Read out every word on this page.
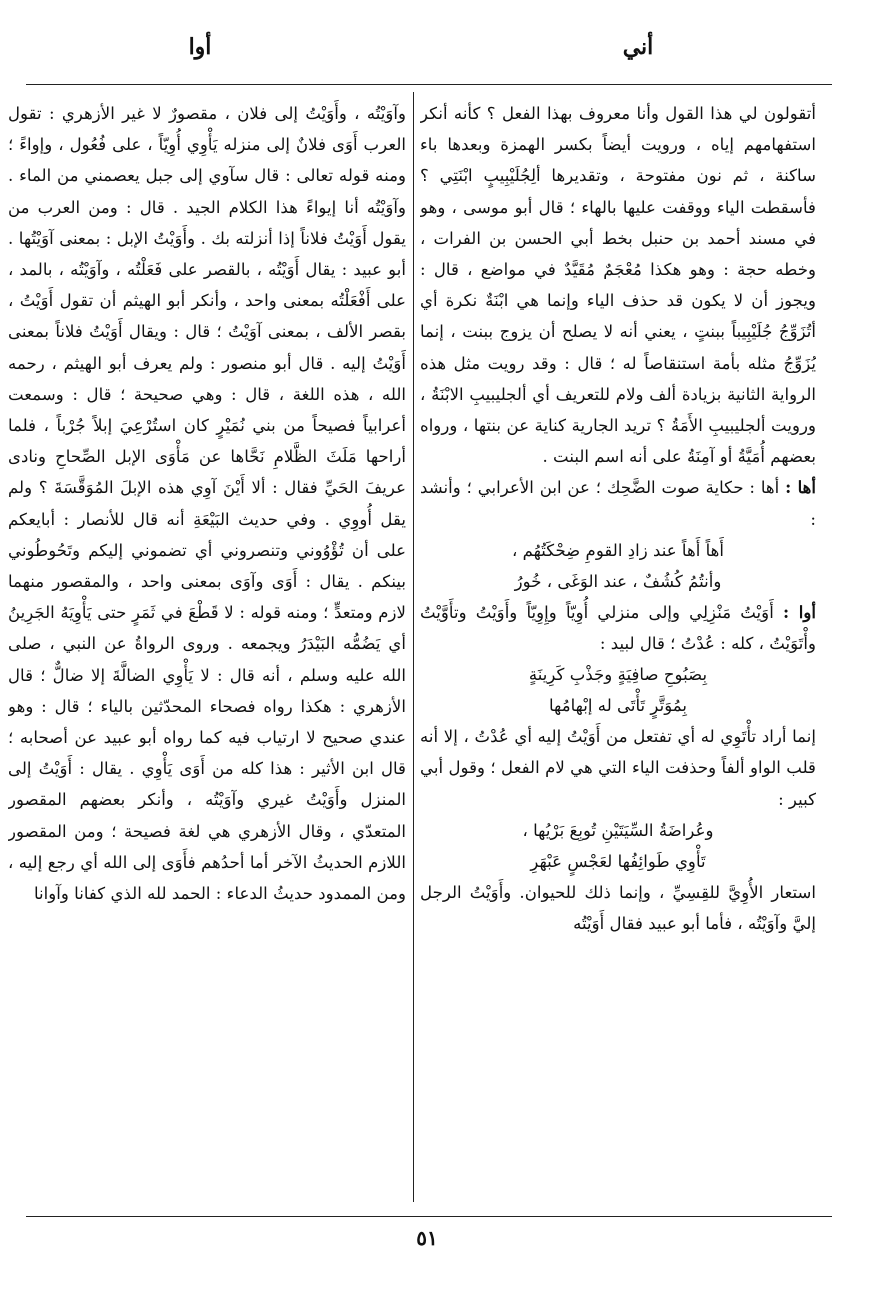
أني
أوا

أتقولون لي هذا القول وأنا معروف بهذا الفعل ؟ كأنه أنكر استفهامهم إياه ، ورويت أيضاً بكسر الهمزة وبعدها باء ساكنة ، ثم نون مفتوحة ، وتقديرها ألِجُلَيْبِيبٍ ابْنَتِي ؟ فأسقطت الياء ووقفت عليها بالهاء ؛ قال أبو موسى ، وهو في مسند أحمد بن حنبل بخط أبي الحسن بن الفرات ، وخطه حجة : وهو هكذا مُعْجَمٌ مُقَيَّدٌ في مواضع ، قال : ويجوز أن لا يكون قد حذف الياء وإنما هي ابْنَةٌ نكرة أي أتُزَوِّجُ جُلَيْبِيباً ببنتٍ ، يعني أنه لا يصلح أن يزوج ببنت ، إنما يُزَوِّجُ مثله بأمة استنقاصاً له ؛ قال : وقد رويت مثل هذه الرواية الثانية بزيادة ألف ولام للتعريف أي ألجليبيبِ الابْنَةُ ، ورويت ألجليبيبِ الأَمَةُ ؟ تريد الجارية كناية عن بنتها ، ورواه بعضهم أُمَيَّةُ أو آمِنَةُ على أنه اسم البنت .

أها : أها : حكاية صوت الضَّحِك ؛ عن ابن الأعرابي ؛ وأنشد :

أَهاً أَهاً عند زادِ القومِ ضِحْكَتُهُم ،
وأنتُمُ كُشُفٌ ، عند الوَغَى ، خُورُ

أوا : أَوَيْتُ مَنْزِلِي وإلى منزلي أُوِيّاً وإِوِيّاً وأَوَيْتُ وتأَوَّيْتُ وأْتَوَيْتُ ، كله : عُدْتُ ؛ قال لبيد :

بِصَبُوحِ صافِيَةٍ وجَذْبِ كَرِينَةٍ
بِمُوَتَّرٍ تَأْتَى له إبْهامُها

إنما أراد تأْتَوِي له أي تفتعل من أَوَيْتُ إليه أي عُدْتُ ، إلا أنه قلب الواو ألفاً وحذفت الياء التي هي لام الفعل ؛ وقول أبي كبير :

وعُراضَةُ السِّيَتَيْنِ تُوبِعَ بَرْيُها ،
تَأْوِي طَوائِفُها لعَجْسٍ عَبْهَرِ

استعار الأُوِيَّ للقِسِيِّ ، وإنما ذلك للحيوان. وأَوَيْتُ الرجل إليَّ وآوَيْتُه ، فأما أبو عبيد فقال أَوَيْتُه

وآوَيْتُه ، وأَوَيْتُ إلى فلان ، مقصورٌ لا غير الأزهري : تقول العرب أَوَى فلانٌ إلى منزله يَأْوِي أُوِيّاً ، على فُعُول ، وإواءً ؛ ومنه قوله تعالى : قال سآوي إلى جبل يعصمني من الماء . وآوَيْتُه أنا إيواءً هذا الكلام الجيد . قال : ومن العرب من يقول أَوَيْتُ فلاناً إذا أنزلته بك . وأَوَيْتُ الإبل : بمعنى آوَيْتُها . أبو عبيد : يقال أَوَيْتُه ، بالقصر على فَعَلْتُه ، وآوَيْتُه ، بالمد ، على أَفْعَلْتُه بمعنى واحد ، وأنكر أبو الهيثم أن تقول أَوَيْتُ ، بقصر الألف ، بمعنى آوَيْتُ ؛ قال : ويقال أَوَيْتُ فلاناً بمعنى أَوَيْتُ إليه . قال أبو منصور : ولم يعرف أبو الهيثم ، رحمه الله ، هذه اللغة ، قال : وهي صحيحة ؛ قال : وسمعت أعرابياً فصيحاً من بني نُمَيْرٍ كان استُرْعِيَ إبلاً جُرْباً ، فلما أراحها مَلَثَ الظَّلامِ نَحَّاها عن مَأْوَى الإبل الصِّحاحِ ونادى عريفَ الحَيِّ فقال : ألا أَيْنَ آوِي هذه الإبلَ المُوَقَّسَةَ ؟ ولم يقل أُووِي . وفي حديث البَيْعَةِ أنه قال للأنصار : أبايعكم على أن تُؤْوُوني وتنصروني أي تضموني إليكم وتَحُوطُوني بينكم . يقال : أَوَى وآوَى بمعنى واحد ، والمقصور منهما لازم ومتعدٍّ ؛ ومنه قوله : لا قَطْعَ في ثَمَرٍ حتى يَأْوِيَهُ الجَرِينُ أي يَضُمُّه البَيْدَرُ ويجمعه . وروى الرواةُ عن النبي ، صلى الله عليه وسلم ، أنه قال : لا يَأْوِي الضالَّةَ إلا ضالٌّ ؛ قال الأزهري : هكذا رواه فصحاء المحدّثين بالياء ؛ قال : وهو عندي صحيح لا ارتياب فيه كما رواه أبو عبيد عن أصحابه ؛ قال ابن الأثير : هذا كله من أَوَى يَأْوِي . يقال : أَوَيْتُ إلى المنزل وأَوَيْتُ غيري وآوَيْتُه ، وأنكر بعضهم المقصور المتعدّي ، وقال الأزهري هي لغة فصيحة ؛ ومن المقصور اللازم الحديثُ الآخر أما أحدُهم فأَوَى إلى الله أي رجع إليه ، ومن الممدود حديثُ الدعاء : الحمد لله الذي كفانا وآوانا

٥١
